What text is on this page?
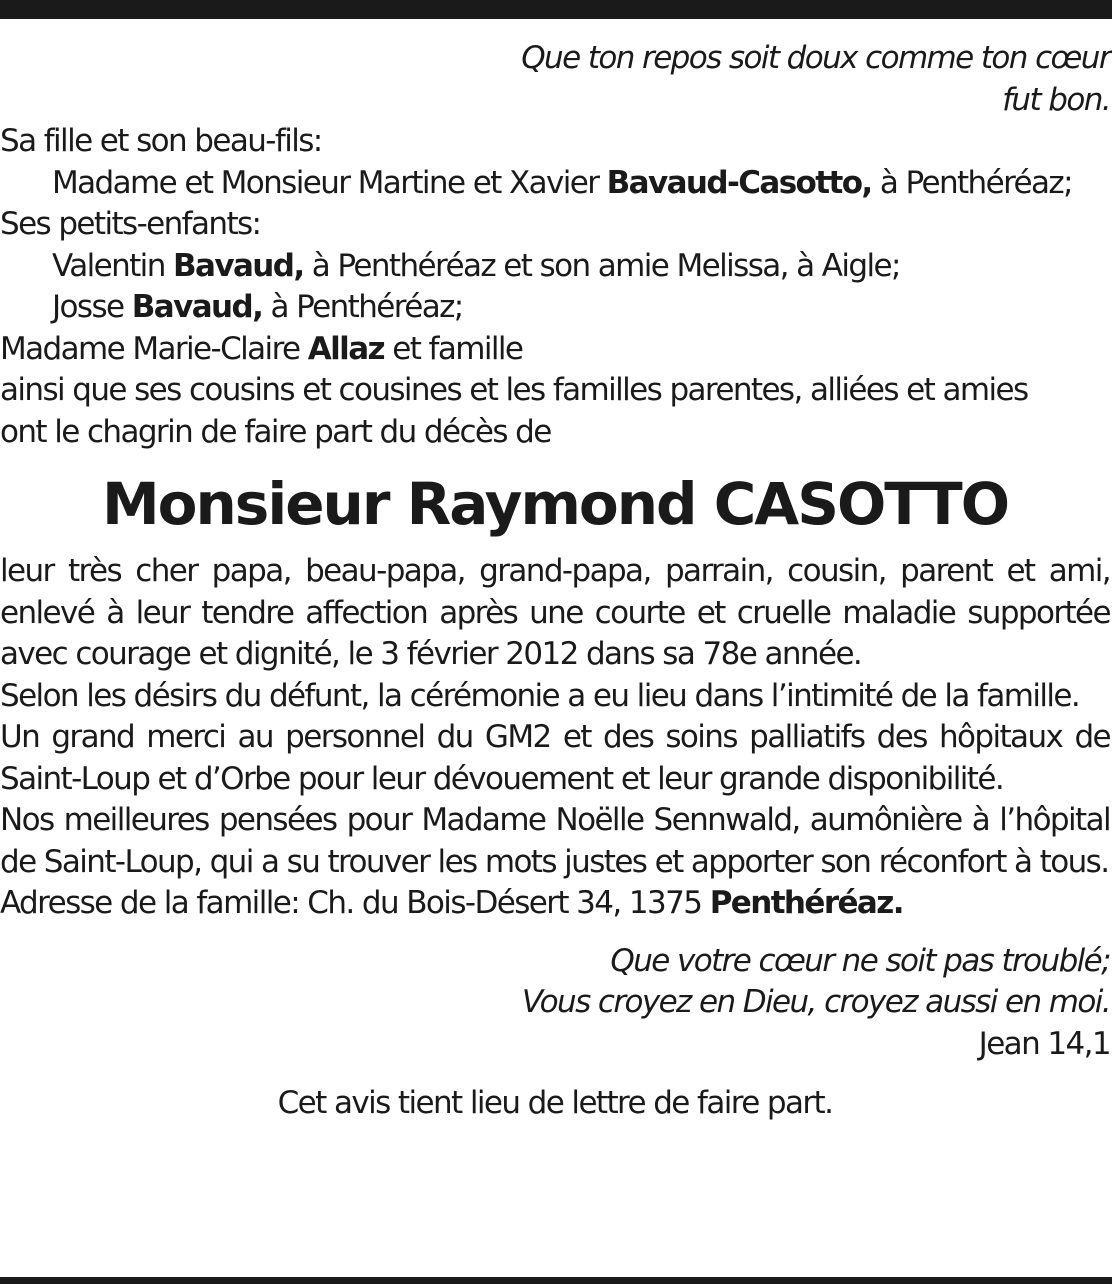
Que ton repos soit doux comme ton cœur
fut bon.
Sa fille et son beau-fils:
Madame et Monsieur Martine et Xavier Bavaud-Casotto, à Penthéréaz;
Ses petits-enfants:
Valentin Bavaud, à Penthéréaz et son amie Melissa, à Aigle;
Josse Bavaud, à Penthéréaz;
Madame Marie-Claire Allaz et famille
ainsi que ses cousins et cousines et les familles parentes, alliées et amies
ont le chagrin de faire part du décès de
Monsieur Raymond CASOTTO
leur très cher papa, beau-papa, grand-papa, parrain, cousin, parent et ami, enlevé à leur tendre affection après une courte et cruelle maladie supportée avec courage et dignité, le 3 février 2012 dans sa 78e année.
Selon les désirs du défunt, la cérémonie a eu lieu dans l’intimité de la famille.
Un grand merci au personnel du GM2 et des soins palliatifs des hôpitaux de Saint-Loup et d’Orbe pour leur dévouement et leur grande disponibilité.
Nos meilleures pensées pour Madame Noëlle Sennwald, aumônière à l’hôpital de Saint-Loup, qui a su trouver les mots justes et apporter son réconfort à tous.
Adresse de la famille: Ch. du Bois-Désert 34, 1375 Penthéréaz.
Que votre cœur ne soit pas troublé;
Vous croyez en Dieu, croyez aussi en moi.
Jean 14,1
Cet avis tient lieu de lettre de faire part.
